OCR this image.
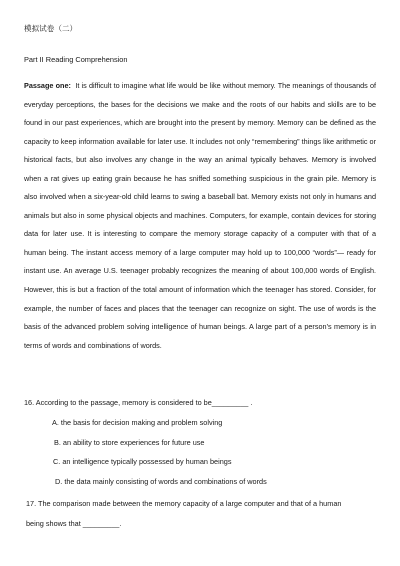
模拟试卷（二）
Part II Reading Comprehension
Passage one: It is difficult to imagine what life would be like without memory. The meanings of thousands of everyday perceptions, the bases for the decisions we make and the roots of our habits and skills are to be found in our past experiences, which are brought into the present by memory. Memory can be defined as the capacity to keep information available for later use. It includes not only “remembering” things like arithmetic or historical facts, but also involves any change in the way an animal typically behaves. Memory is involved when a rat gives up eating grain because he has sniffed something suspicious in the grain pile. Memory is also involved when a six-year-old child learns to swing a baseball bat. Memory exists not only in humans and animals but also in some physical objects and machines. Computers, for example, contain devices for storing data for later use. It is interesting to compare the memory storage capacity of a computer with that of a human being. The instant access memory of a large computer may hold up to 100,000 “words”— ready for instant use. An average U.S. teenager probably recognizes the meaning of about 100,000 words of English. However, this is but a fraction of the total amount of information which the teenager has stored. Consider, for example, the number of faces and places that the teenager can recognize on sight. The use of words is the basis of the advanced problem solving intelligence of human beings. A large part of a person’s memory is in terms of words and combinations of words.
16. According to the passage, memory is considered to be_________ .
A. the basis for decision making and problem solving
B. an ability to store experiences for future use
C. an intelligence typically possessed by human beings
D. the data mainly consisting of words and combinations of words
17. The comparison made between the memory capacity of a large computer and that of a human being shows that _________.
